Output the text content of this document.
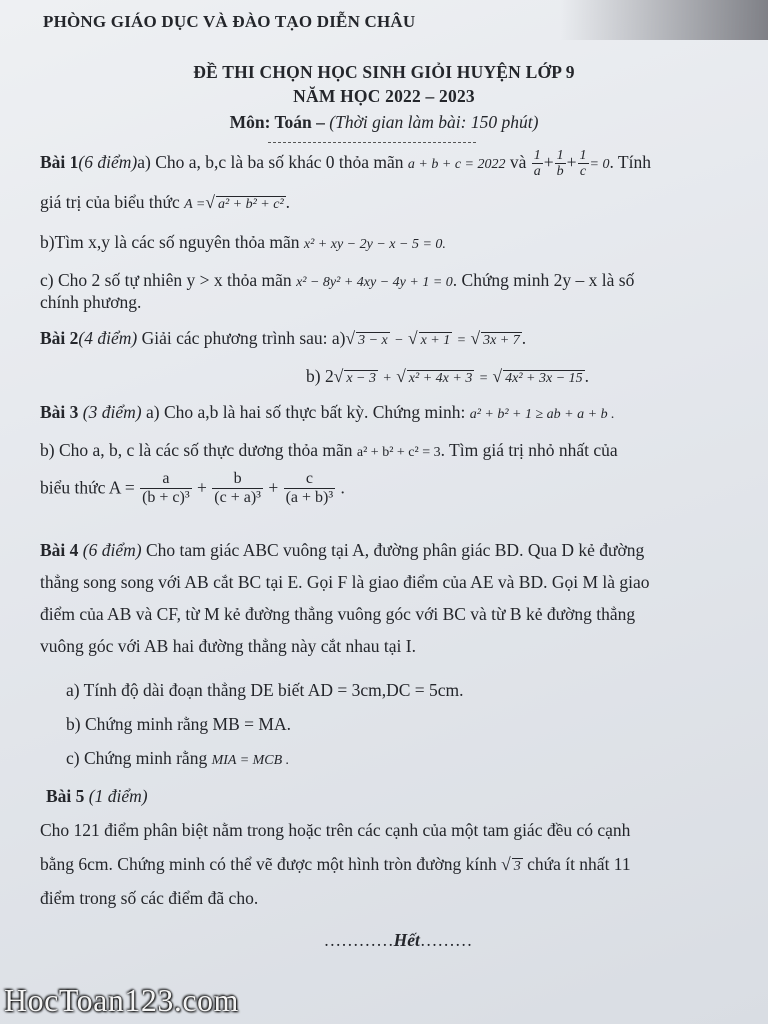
PHÒNG GIÁO DỤC VÀ ĐÀO TẠO DIỄN CHÂU
ĐỀ THI CHỌN HỌC SINH GIỎI HUYỆN LỚP 9
NĂM HỌC 2022 – 2023
Môn: Toán – (Thời gian làm bài: 150 phút)
Bài 1(6 điểm)a) Cho a, b,c là ba số khác 0 thỏa mãn a + b + c = 2022 và $\frac{1}{a} + \frac{1}{b} + \frac{1}{c} = 0$. Tính
giá trị của biểu thức A =√ a² + b² + c² .
b)Tìm x,y là các số nguyên thỏa mãn x² + xy − 2y − x − 5 = 0.
c) Cho 2 số tự nhiên y > x thỏa mãn x² − 8y² + 4xy − 4y + 1 = 0. Chứng minh 2y – x là số
chính phương.
Bài 2(4 điểm) Giải các phương trình sau: a)√ 3 − x − √ x + 1 = √ 3x + 7 .
b) 2√ x − 3 + √ x² + 4x + 3 = √ 4x² + 3x − 15 .
Bài 3 (3 điểm) a) Cho a,b là hai số thực bất kỳ. Chứng minh: a² + b² + 1 ≥ ab + a + b .
b) Cho a, b, c là các số thực dương thỏa mãn a² + b² + c² = 3. Tìm giá trị nhỏ nhất của
biểu thức $A = \frac{a}{\text{(b + c)³}} + \frac{b}{\text{(c + a)³}} + \frac{c}{\text{(a + b)³}}$ .
Bài 4 (6 điểm) Cho tam giác ABC vuông tại A, đường phân giác BD. Qua D kẻ đường
thẳng song song với AB cắt BC tại E. Gọi F là giao điểm của AE và BD. Gọi M là giao
điểm của AB và CF, từ M kẻ đường thẳng vuông góc với BC và từ B kẻ đường thẳng
vuông góc với AB hai đường thẳng này cắt nhau tại I.
a) Tính độ dài đoạn thẳng DE biết AD = 3cm,DC = 5cm.
b) Chứng minh rằng MB = MA.
c) Chứng minh rằng MIA = MCB .
Bài 5 (1 điểm)
Cho 121 điểm phân biệt nằm trong hoặc trên các cạnh của một tam giác đều có cạnh
bằng 6cm. Chứng minh có thể vẽ được một hình tròn đường kính √ 3 chứa ít nhất 11
điểm trong số các điểm đã cho.
…………Hết………
HocToan123.com
